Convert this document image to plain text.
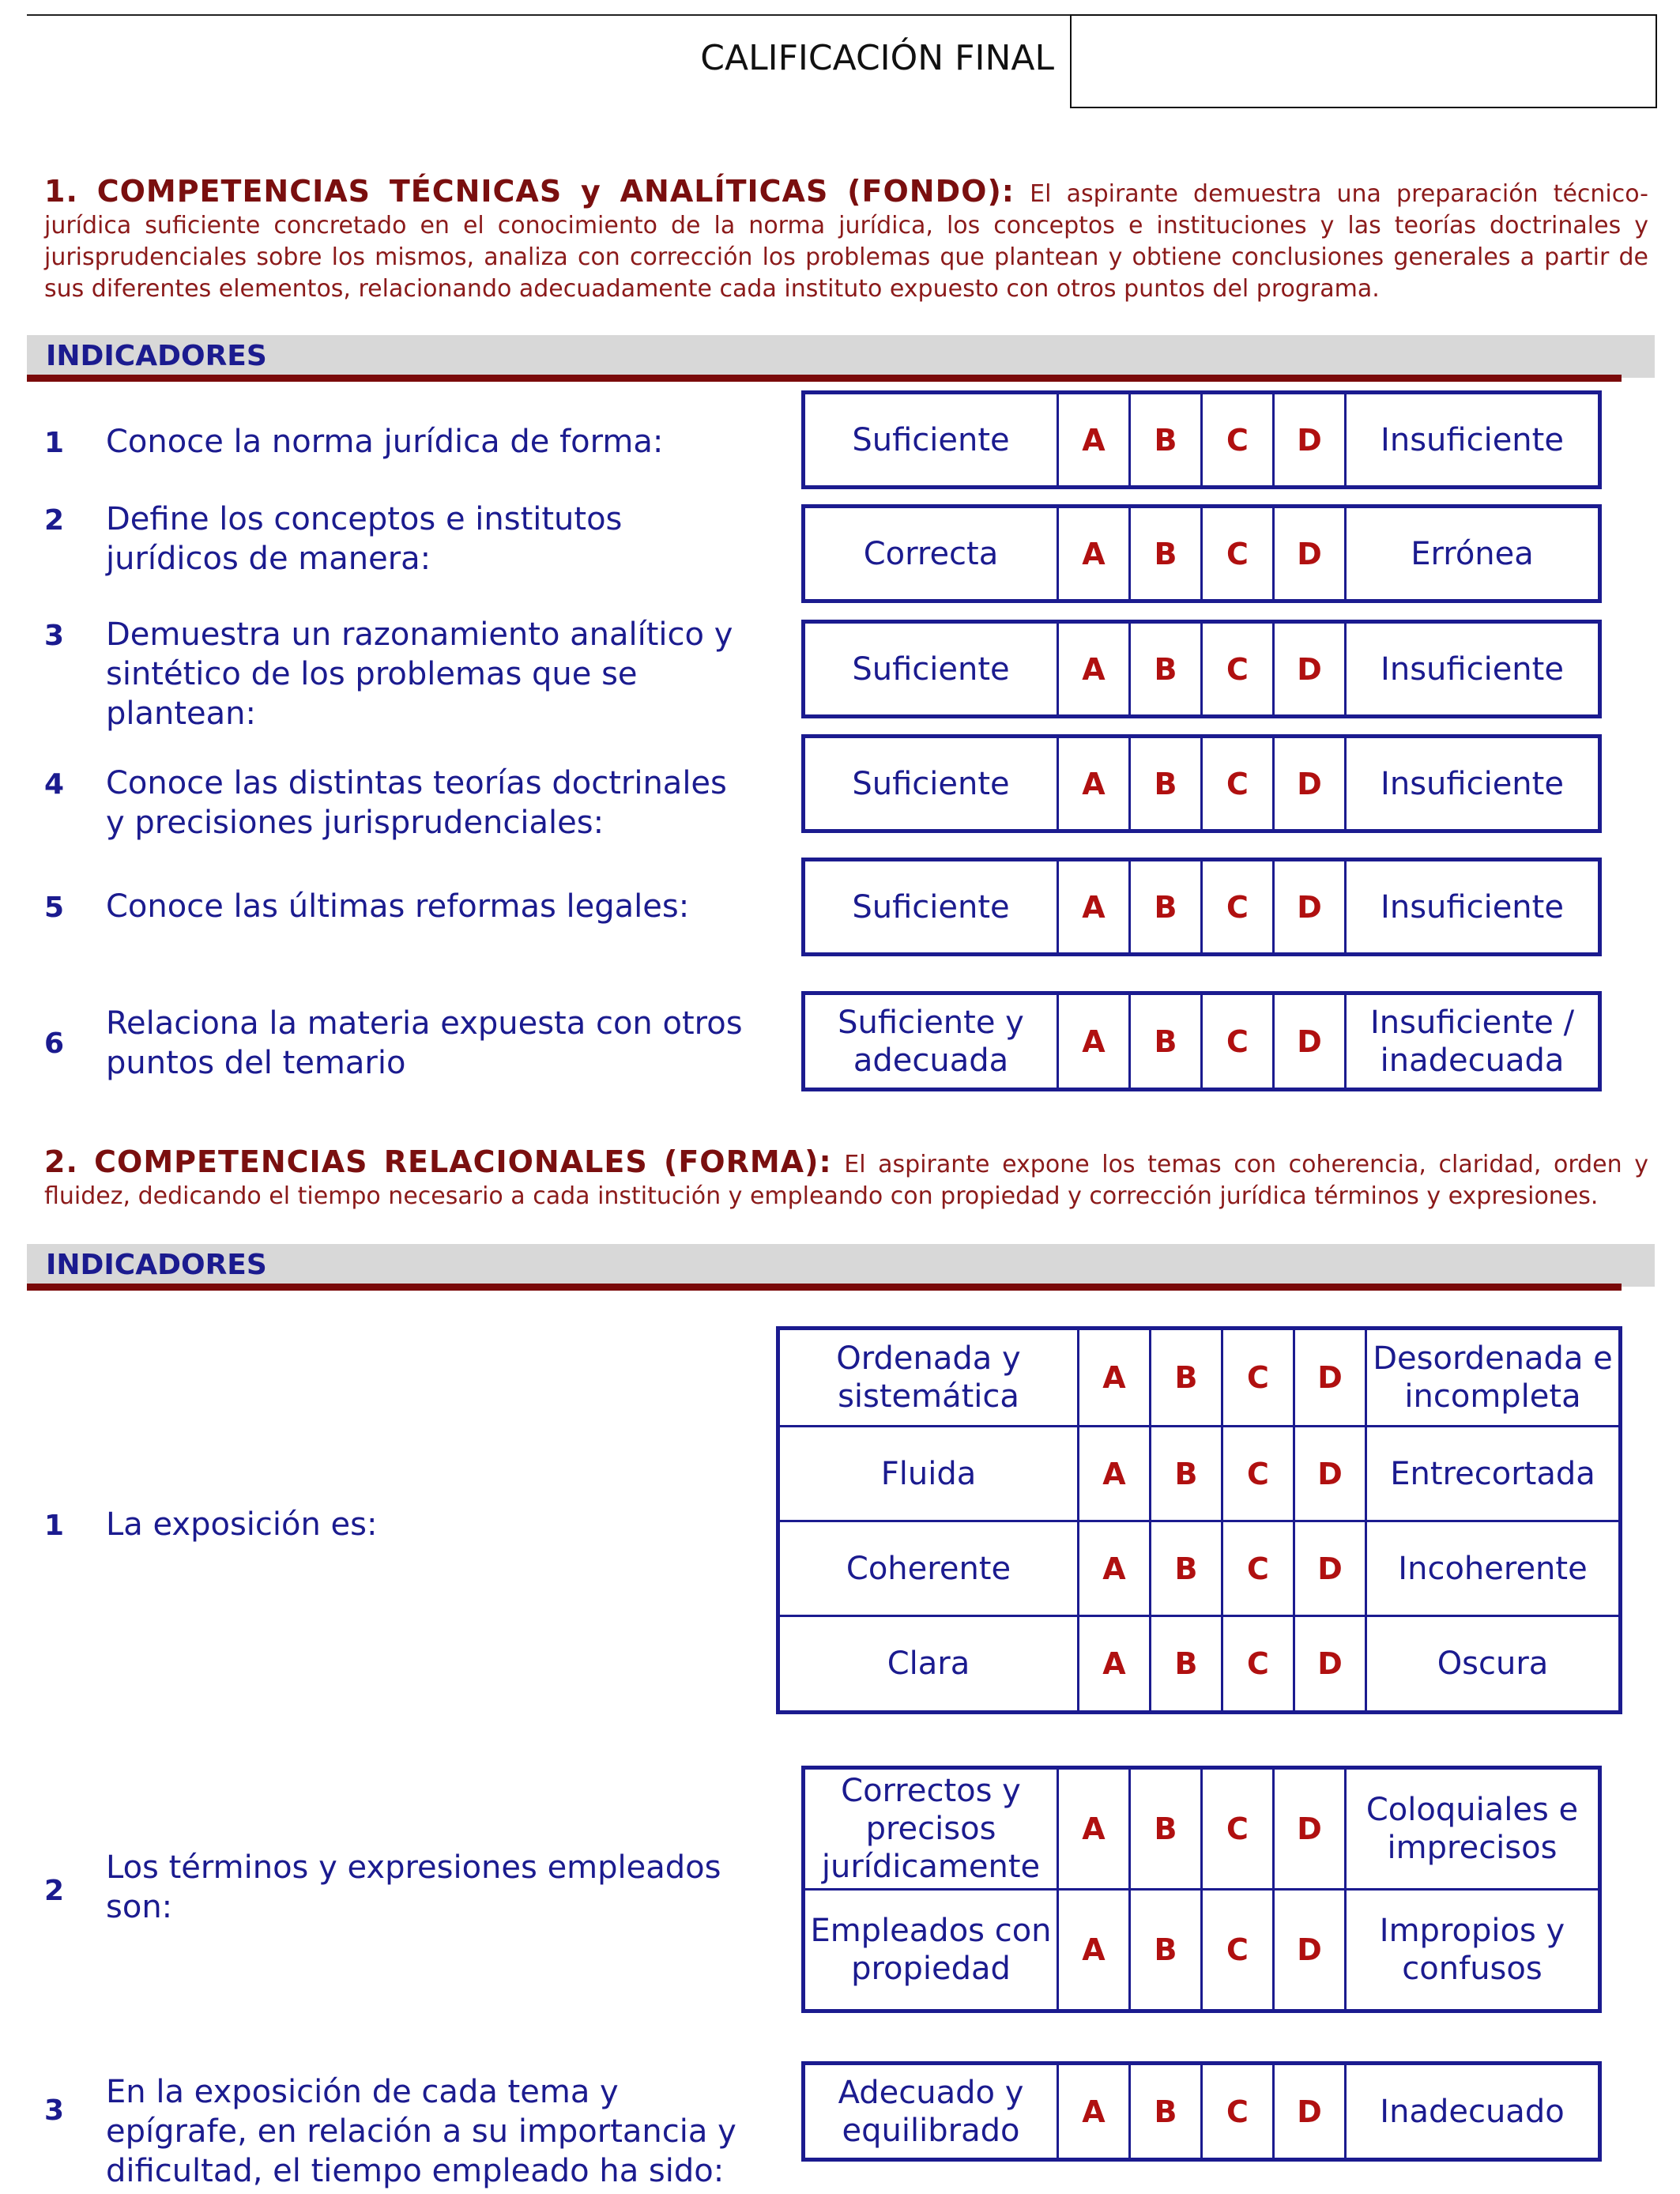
CALIFICACIÓN FINAL
1. COMPETENCIAS TÉCNICAS y ANALÍTICAS (FONDO): El aspirante demuestra una preparación técnico-jurídica suficiente concretado en el conocimiento de la norma jurídica, los conceptos e instituciones y las teorías doctrinales y jurisprudenciales sobre los mismos, analiza con corrección los problemas que plantean y obtiene conclusiones generales a partir de sus diferentes elementos, relacionando adecuadamente cada instituto expuesto con otros puntos del programa.
INDICADORES
1	Conoce la norma jurídica de forma:	Suficiente	A	B	C	D	Insuficiente
2	Define los conceptos e institutos jurídicos de manera:	Correcta	A	B	C	D	Errónea
3	Demuestra un razonamiento analítico y sintético de los problemas que se plantean:
Suficiente	A	B	C	D	Insuficiente
4	Conoce las distintas teorías doctrinales y precisiones jurisprudenciales:
Suficiente	A	B	C	D	Insuficiente
5	Conoce las últimas reformas legales:	Suficiente	A	B	C	D	Insuficiente
6
Relaciona la materia expuesta con otros puntos del temario
Suficiente y adecuada	A	B	C	D	Insuficiente / inadecuada
2. COMPETENCIAS RELACIONALES (FORMA): El aspirante expone los temas con coherencia, claridad, orden y fluidez, dedicando el tiempo necesario a cada institución y empleando con propiedad y corrección jurídica términos y expresiones.
INDICADORES
1	La exposición es:
Ordenada y sistemática	A	B	C	D	Desordenada e incompleta
Fluida	A	B	C	D	Entrecortada
Coherente	A	B	C	D	Incoherente
Clara	A	B	C	D	Oscura
2
Los términos y expresiones empleados son:
Correctos y precisos jurídicamente	A	B	C	D	Coloquiales e imprecisos
Empleados con propiedad	A	B	C	D	Impropios y confusos
3
En la exposición de cada tema y epígrafe, en relación a su importancia y dificultad, el tiempo empleado ha sido:
Adecuado y equilibrado	A	B	C	D	Inadecuado
